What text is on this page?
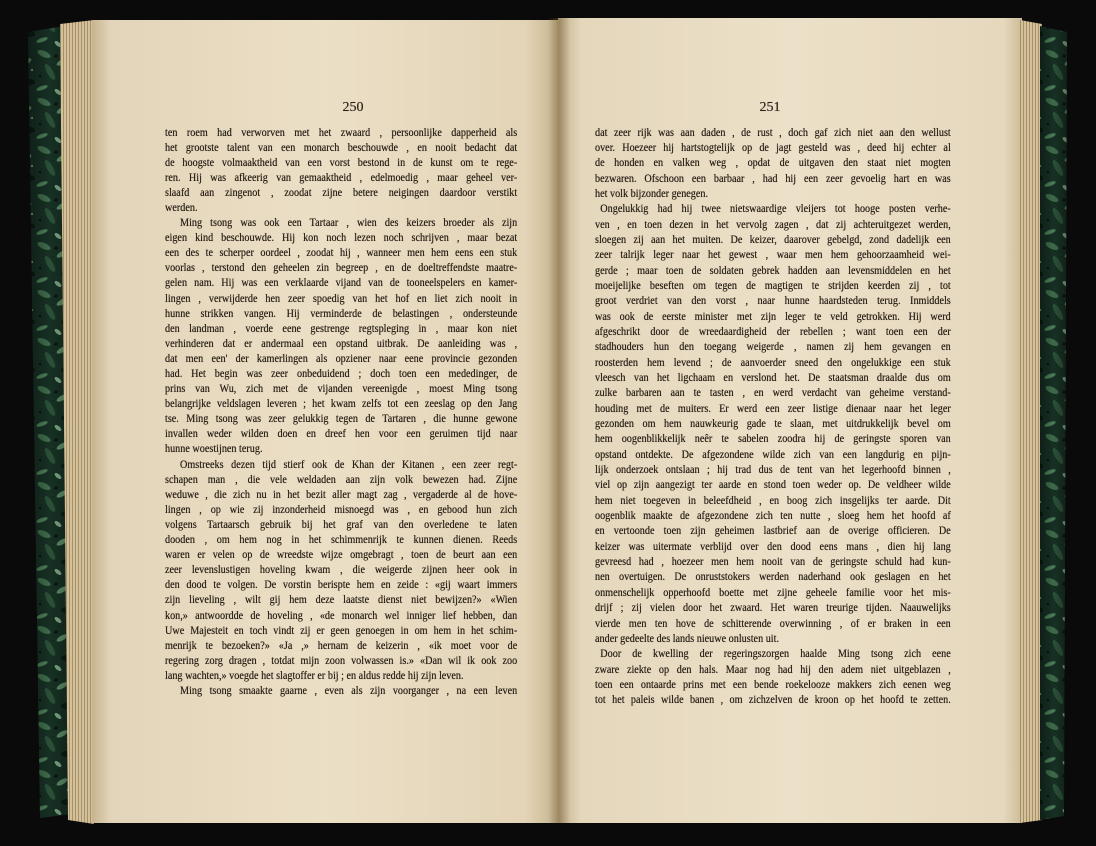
250	251
ten roem had verworven met het zwaard , persoonlijke dapperheid als
het grootste talent van een monarch beschouwde , en nooit bedacht dat
de hoogste volmaaktheid van een vorst bestond in de kunst om te rege-
ren. Hij was afkeerig van gemaaktheid , edelmoedig , maar geheel ver-
slaafd aan zingenot , zoodat zijne betere neigingen daardoor verstikt
werden.
Ming tsong was ook een Tartaar , wien des keizers broeder als zijn
eigen kind beschouwde. Hij kon noch lezen noch schrijven , maar bezat
een des te scherper oordeel , zoodat hij , wanneer men hem eens een stuk
voorlas , terstond den geheelen zin begreep , en de doeltreffendste maatre-
gelen nam. Hij was een verklaarde vijand van de tooneelspelers en kamer-
lingen , verwijderde hen zeer spoedig van het hof en liet zich nooit in
hunne strikken vangen. Hij verminderde de belastingen , ondersteunde
den landman , voerde eene gestrenge regtspleging in , maar kon niet
verhinderen dat er andermaal een opstand uitbrak. De aanleiding was ,
dat men een' der kamerlingen als opziener naar eene provincie gezonden
had. Het begin was zeer onbeduidend ; doch toen een mededinger, de
prins van Wu, zich met de vijanden vereenigde , moest Ming tsong
belangrijke veldslagen leveren ; het kwam zelfs tot een zeeslag op den Jang
tse. Ming tsong was zeer gelukkig tegen de Tartaren , die hunne gewone
invallen weder wilden doen en dreef hen voor een geruimen tijd naar
hunne woestijnen terug.
Omstreeks dezen tijd stierf ook de Khan der Kitanen , een zeer regt-
schapen man , die vele weldaden aan zijn volk bewezen had. Zijne
weduwe , die zich nu in het bezit aller magt zag , vergaderde al de hove-
lingen , op wie zij inzonderheid misnoegd was , en gebood hun zich
volgens Tartaarsch gebruik bij het graf van den overledene te laten
dooden , om hem nog in het schimmenrijk te kunnen dienen. Reeds
waren er velen op de wreedste wijze omgebragt , toen de beurt aan een
zeer levenslustigen hoveling kwam , die weigerde zijnen heer ook in
den dood te volgen. De vorstin berispte hem en zeide : «gij waart immers
zijn lieveling , wilt gij hem deze laatste dienst niet bewijzen?» «Wien
kon,» antwoordde de hoveling , «de monarch wel inniger lief hebben, dan
Uwe Majesteit en toch vindt zij er geen genoegen in om hem in het schim-
menrijk te bezoeken?» «Ja ,» hernam de keizerin , «ik moet voor de
regering zorg dragen , totdat mijn zoon volwassen is.» «Dan wil ik ook zoo
lang wachten,» voegde het slagtoffer er bij ; en aldus redde hij zijn leven.
Ming tsong smaakte gaarne , even als zijn voorganger , na een leven
dat zeer rijk was aan daden , de rust , doch gaf zich niet aan den wellust
over. Hoezeer hij hartstogtelijk op de jagt gesteld was , deed hij echter al
de honden en valken weg , opdat de uitgaven den staat niet mogten
bezwaren. Ofschoon een barbaar , had hij een zeer gevoelig hart en was
het volk bijzonder genegen.
Ongelukkig had hij twee nietswaardige vleijers tot hooge posten verhe-
ven , en toen dezen in het vervolg zagen , dat zij achteruitgezet werden,
sloegen zij aan het muiten. De keizer, daarover gebelgd, zond dadelijk een
zeer talrijk leger naar het gewest , waar men hem gehoorzaamheid wei-
gerde ; maar toen de soldaten gebrek hadden aan levensmiddelen en het
moeijelijke beseften om tegen de magtigen te strijden keerden zij , tot
groot verdriet van den vorst , naar hunne haardsteden terug. Inmiddels
was ook de eerste minister met zijn leger te veld getrokken. Hij werd
afgeschrikt door de wreedaardigheid der rebellen ; want toen een der
stadhouders hun den toegang weigerde , namen zij hem gevangen en
roosterden hem levend ; de aanvoerder sneed den ongelukkige een stuk
vleesch van het ligchaam en verslond het. De staatsman draalde dus om
zulke barbaren aan te tasten , en werd verdacht van geheime verstand-
houding met de muiters. Er werd een zeer listige dienaar naar het leger
gezonden om hem nauwkeurig gade te slaan, met uitdrukkelijk bevel om
hem oogenblikkelijk neêr te sabelen zoodra hij de geringste sporen van
opstand ontdekte. De afgezondene wilde zich van een langdurig en pijn-
lijk onderzoek ontslaan ; hij trad dus de tent van het legerhoofd binnen ,
viel op zijn aangezigt ter aarde en stond toen weder op. De veldheer wilde
hem niet toegeven in beleefdheid , en boog zich insgelijks ter aarde. Dit
oogenblik maakte de afgezondene zich ten nutte , sloeg hem het hoofd af
en vertoonde toen zijn geheimen lastbrief aan de overige officieren. De
keizer was uitermate verblijd over den dood eens mans , dien hij lang
gevreesd had , hoezeer men hem nooit van de geringste schuld had kun-
nen overtuigen. De onruststokers werden naderhand ook geslagen en het
onmenschelijk opperhoofd boette met zijne geheele familie voor het mis-
drijf ; zij vielen door het zwaard. Het waren treurige tijden. Naauwelijks
vierde men ten hove de schitterende overwinning , of er braken in een
ander gedeelte des lands nieuwe onlusten uit.
Door de kwelling der regeringszorgen haalde Ming tsong zich eene
zware ziekte op den hals. Maar nog had hij den adem niet uitgeblazen ,
toen een ontaarde prins met een bende roekelooze makkers zich eenen weg
tot het paleis wilde banen , om zichzelven de kroon op het hoofd te zetten.
